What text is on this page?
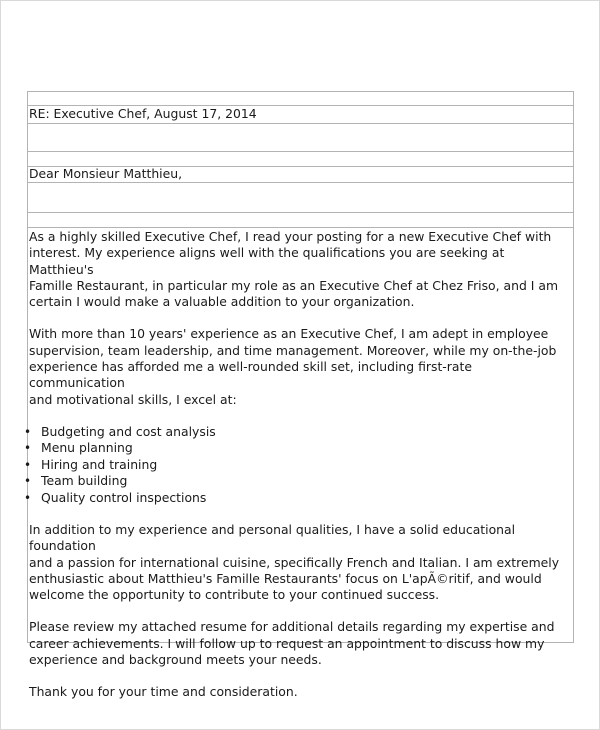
RE: Executive Chef, August 17, 2014
Dear Monsieur Matthieu,

As a highly skilled Executive Chef, I read your posting for a new Executive Chef with
interest. My experience aligns well with the qualifications you are seeking at Matthieu's
Famille Restaurant, in particular my role as an Executive Chef at Chez Friso, and I am
certain I would make a valuable addition to your organization.

With more than 10 years' experience as an Executive Chef, I am adept in employee
supervision, team leadership, and time management. Moreover, while my on-the-job
experience has afforded me a well-rounded skill set, including first-rate communication
and motivational skills, I excel at:

• Budgeting and cost analysis
• Menu planning
• Hiring and training
• Team building
• Quality control inspections

In addition to my experience and personal qualities, I have a solid educational foundation
and a passion for international cuisine, specifically French and Italian. I am extremely
enthusiastic about Matthieu's Famille Restaurants' focus on L'apÃ©ritif, and would
welcome the opportunity to contribute to your continued success.

Please review my attached resume for additional details regarding my expertise and
career achievements. I will follow up to request an appointment to discuss how my
experience and background meets your needs.

Thank you for your time and consideration.
